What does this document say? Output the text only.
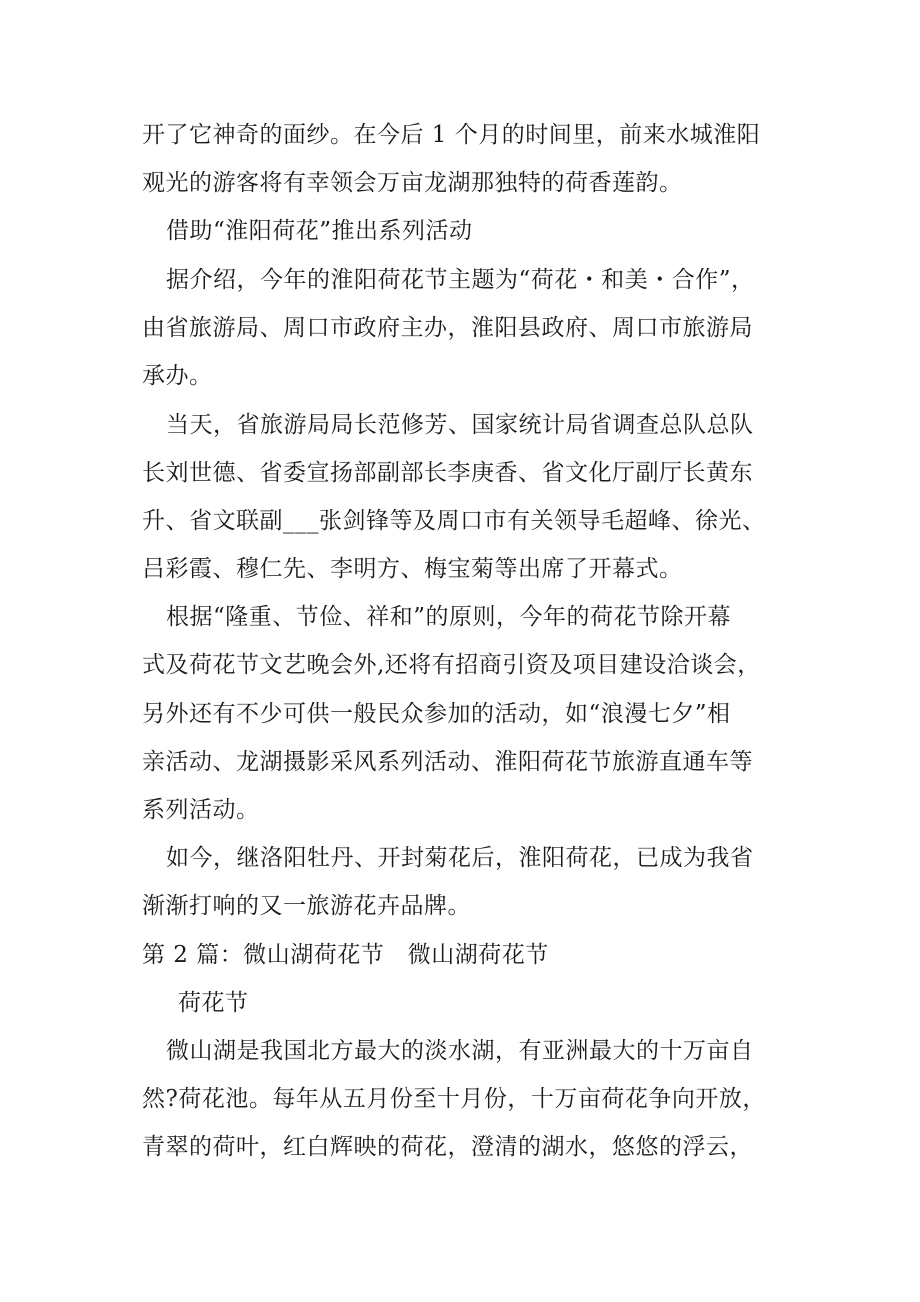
开了它神奇的面纱。在今后 1 个月的时间里，前来水城淮阳
观光的游客将有幸领会万亩龙湖那独特的荷香莲韵。
借助“淮阳荷花”推出系列活动
据介绍，今年的淮阳荷花节主题为“荷花・和美・合作”，
由省旅游局、周口市政府主办，淮阳县政府、周口市旅游局
承办。
当天，省旅游局局长范修芳、国家统计局省调查总队总队
长刘世德、省委宣扬部副部长李庚香、省文化厅副厅长黄东
升、省文联副___张剑锋等及周口市有关领导毛超峰、徐光、
吕彩霞、穆仁先、李明方、梅宝菊等出席了开幕式。
根据“隆重、节俭、祥和”的原则，今年的荷花节除开幕
式及荷花节文艺晚会外,还将有招商引资及项目建设洽谈会，
另外还有不少可供一般民众参加的活动，如“浪漫七夕”相
亲活动、龙湖摄影采风系列活动、淮阳荷花节旅游直通车等
系列活动。
如今，继洛阳牡丹、开封菊花后，淮阳荷花，已成为我省
渐渐打响的又一旅游花卉品牌。
第 2 篇：微山湖荷花节　微山湖荷花节
荷花节
微山湖是我国北方最大的淡水湖，有亚洲最大的十万亩自
然?荷花池。每年从五月份至十月份，十万亩荷花争向开放，
青翠的荷叶，红白辉映的荷花，澄清的湖水，悠悠的浮云，
